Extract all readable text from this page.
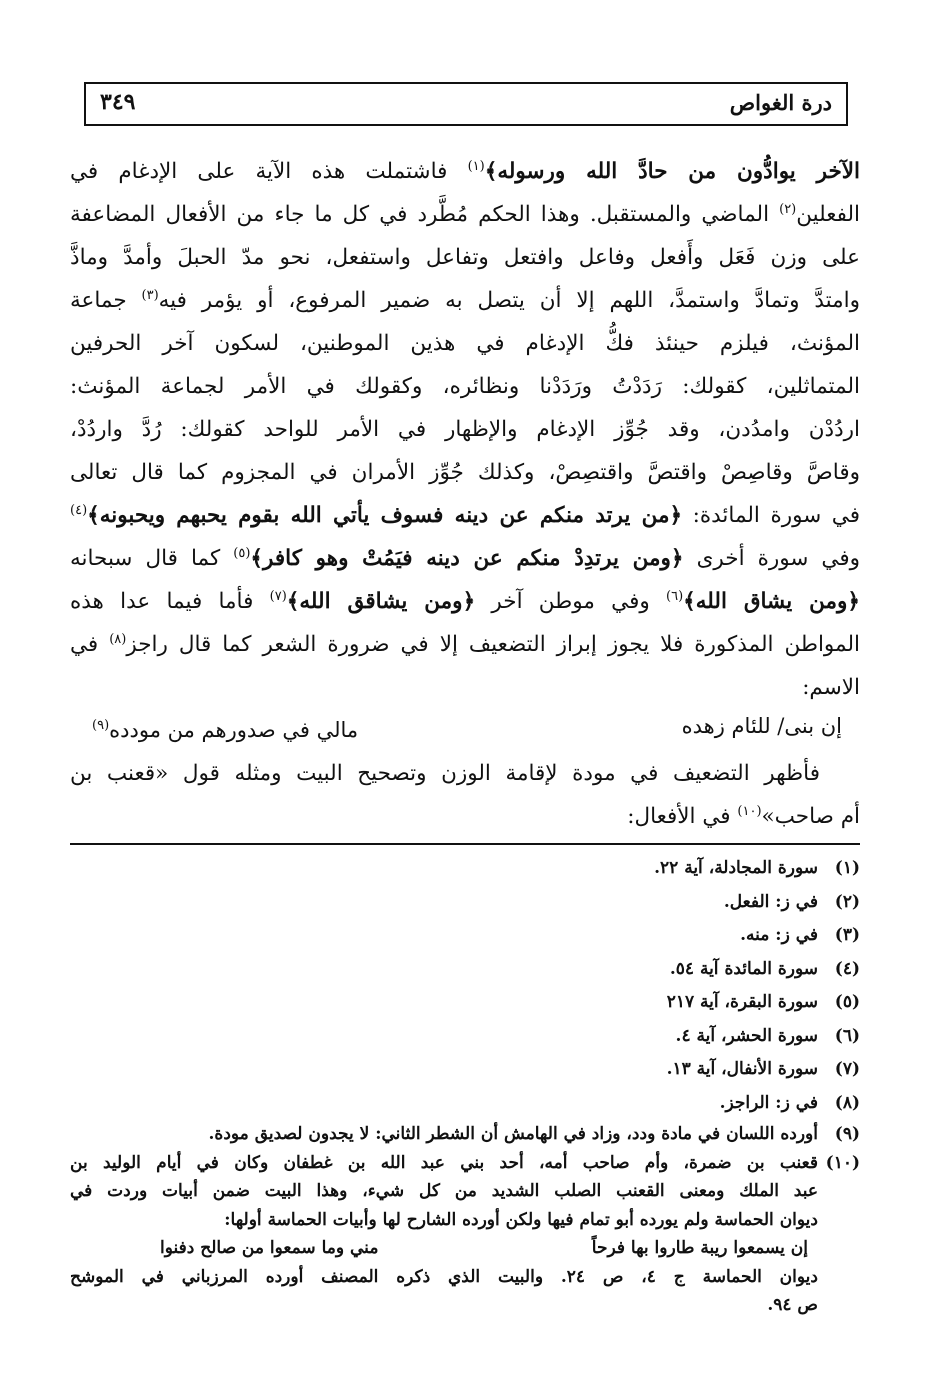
درة الغواص
٣٤٩
الآخر يوادُّون من حادَّ الله ورسوله﴾$^{(١)}$ فاشتملت هذه الآية على الإدغام في
الفعلين$^{(٢)}$ الماضي والمستقبل. وهذا الحكم مُطَّرد في كل ما جاء من الأفعال المضاعفة
على وزن فَعَل وأَفعل وفاعل وافتعل وتفاعل واستفعل، نحو مدّ الحبلَ وأمدَّ وماذَّ
وامتدَّ وتمادَّ واستمدَّ، اللهم إلا أن يتصل به ضمير المرفوع، أو يؤمر فيه$^{(٣)}$ جماعة
المؤنث، فيلزم حينئذ فكُّ الإدغام في هذين الموطنين، لسكون آخر الحرفين
المتماثلين، كقولك: رَدَدْتُ ورَدَدْنا ونظائره، وكقولك في الأمر لجماعة المؤنث:
اردُدْن وامدُدن، وقد جُوِّز الإدغام والإظهار في الأمر للواحد كقولك: رُدَّ واردُدْ،
وقاصَّ وقاصِصْ واقتصَّ واقتصِصْ، وكذلك جُوِّز الأمران في المجزوم كما قال تعالى
في سورة المائدة: ﴿من يرتد منكم عن دينه فسوف يأتي الله بقوم يحبهم ويحبونه﴾$^{(٤)}$
وفي سورة أخرى ﴿ومن يرتدِدْ منكم عن دينه فيَمُتْ وهو كافر﴾$^{(٥)}$ كما قال سبحانه
﴿ومن يشاق الله﴾$^{(٦)}$ وفي موطن آخر ﴿ومن يشاقق الله﴾$^{(٧)}$ فأما فيما عدا هذه
المواطن المذكورة فلا يجوز إبراز التضعيف إلا في ضرورة الشعر كما قال راجز$^{(٨)}$ في
الاسم:
إن بنى/ للئام زهده
مالي في صدورهم من مودده$^{(٩)}$
فأظهر التضعيف في مودة لإقامة الوزن وتصحيح البيت ومثله قول «قعنب بن
أم صاحب»$^{(١٠)}$ في الأفعال:
(١)
سورة المجادلة، آية ٢٢.
(٢)
في ز: الفعل.
(٣)
في ز: منه.
(٤)
سورة المائدة آية ٥٤.
(٥)
سورة البقرة، آية ٢١٧
(٦)
سورة الحشر، آية ٤.
(٧)
سورة الأنفال، آية ١٣.
(٨)
في ز: الراجز.
(٩)
أورده اللسان في مادة ودد، وزاد في الهامش أن الشطر الثاني: لا يجدون لصديق مودة.
(١٠)
قعنب بن ضمرة، وأم صاحب أمه، أحد بني عبد الله بن غطفان وكان في أيام الوليد بن
عبد الملك ومعنى القعنب الصلب الشديد من كل شيء، وهذا البيت ضمن أبيات وردت في
ديوان الحماسة ولم يورده أبو تمام فيها ولكن أورده الشارح لها وأبيات الحماسة أولها:
إن يسمعوا ريبة طاروا بها فرحاً
مني وما سمعوا من صالح دفنوا
ديوان الحماسة ج ٤، ص ٢٤. والبيت الذي ذكره المصنف أورده المرزباني في الموشح
ص ٩٤.
